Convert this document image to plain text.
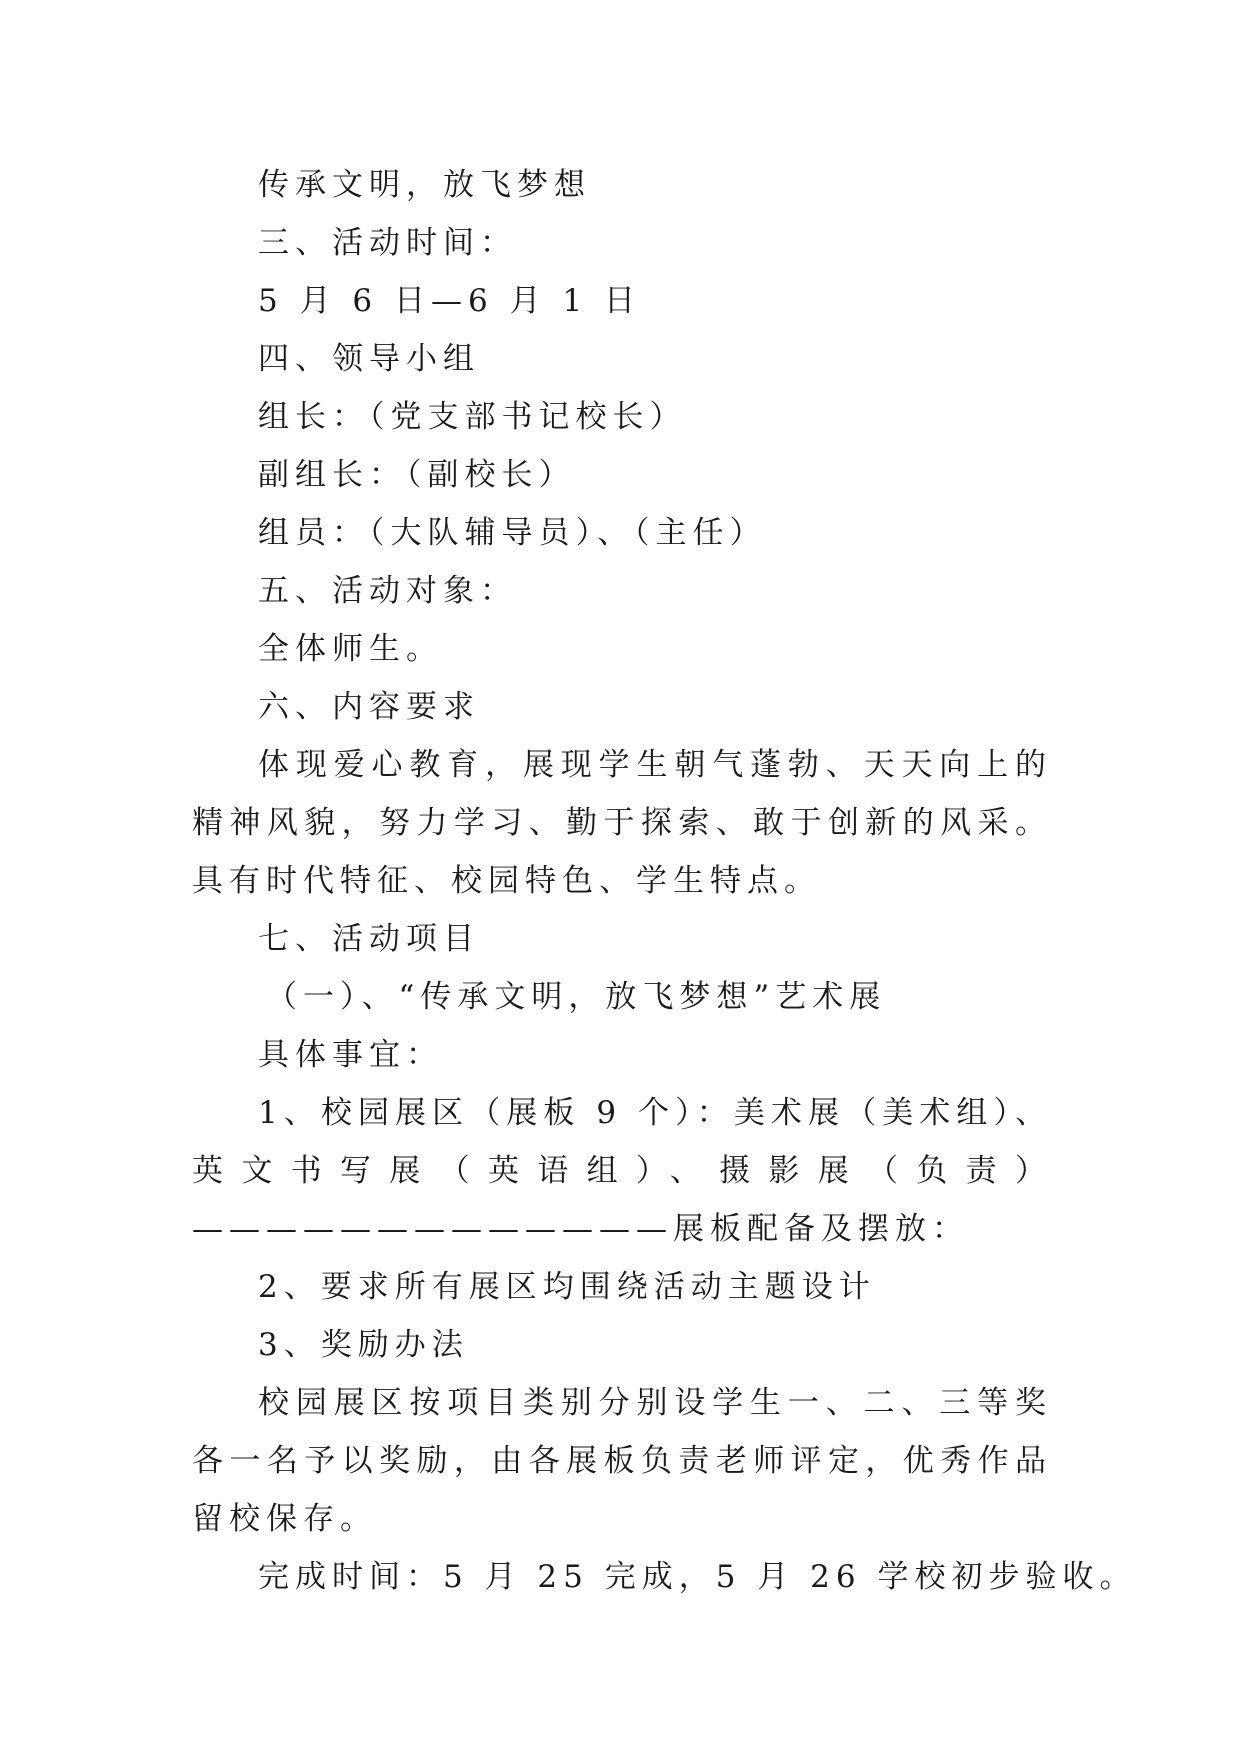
传承文明，放飞梦想
三、活动时间：
5 月 6 日—6 月 1 日
四、领导小组
组长：（党支部书记校长）
副组长：（副校长）
组员：（大队辅导员）、（主任）
五、活动对象：
全体师生。
六、内容要求
体现爱心教育，展现学生朝气蓬勃、天天向上的精神风貌，努力学习、勤于探索、敢于创新的风采。具有时代特征、校园特色、学生特点。
七、活动项目
（一）、“传承文明，放飞梦想”艺术展
具体事宜：
1、校园展区（展板 9 个）：美术展（美术组）、英文书写展（英语组）、摄影展（负责）—————————————展板配备及摆放：
2、要求所有展区均围绕活动主题设计
3、奖励办法
校园展区按项目类别分别设学生一、二、三等奖各一名予以奖励，由各展板负责老师评定，优秀作品留校保存。
完成时间：5 月 25 完成，5 月 26 学校初步验收。
